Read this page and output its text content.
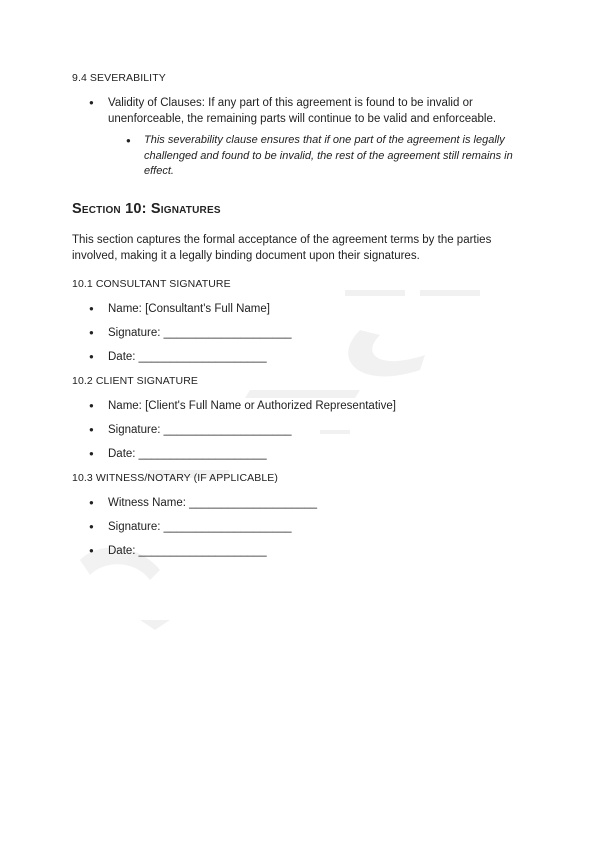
9.4 SEVERABILITY
● Validity of Clauses: If any part of this agreement is found to be invalid or unenforceable, the remaining parts will continue to be valid and enforceable.
● This severability clause ensures that if one part of the agreement is legally challenged and found to be invalid, the rest of the agreement still remains in effect.
Section 10: Signatures

This section captures the formal acceptance of the agreement terms by the parties involved, making it a legally binding document upon their signatures.

10.1 CONSULTANT SIGNATURE
● Name: [Consultant's Full Name]
● Signature: ____________________
● Date: ____________________
10.2 CLIENT SIGNATURE
● Name: [Client's Full Name or Authorized Representative]
● Signature: ____________________
● Date: ____________________
10.3 WITNESS/NOTARY (IF APPLICABLE)
● Witness Name: ____________________
● Signature: ____________________
● Date: ____________________
